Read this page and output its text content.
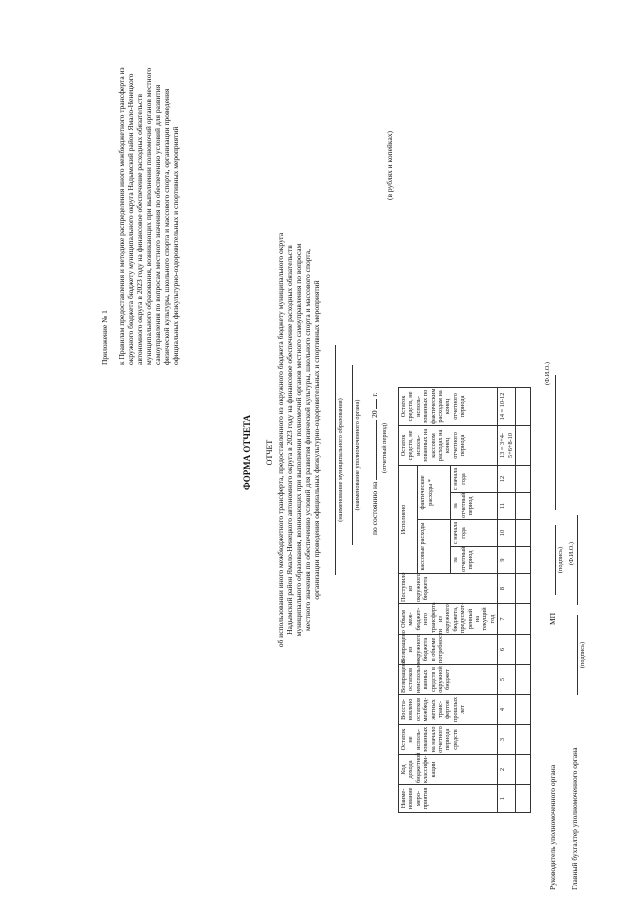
Приложение № 1 к Правилам предоставления и методике распределения иного межбюджетного трансферта из окружного бюджета бюджету муниципального округа Надымский район Ямало-Ненецкого автономного округа в 2023 году на финансовое обеспечение расходных обязательств муниципального образования, возникающих при выполнении полномочий органов местного самоуправления по вопросам местного значения по обеспечению условий для развития физической культуры, школьного спорта и массового спорта, организации проведения официальных физкультурно-оздоровительных и спортивных мероприятий
ФОРМА ОТЧЕТА ОТЧЕТ об использовании иного межбюджетного трансферта, предоставленного из окружного бюджета бюджету муниципального округа Надымский район Ямало-Ненецкого автономного округа в 2023 году на финансовое обеспечение расходных обязательств муниципального образования, возникающих при выполнении полномочий органов местного самоуправления по вопросам местного значения по обеспечению условий для развития физической культуры, школьного спорта и массового спорта, организации проведения официальных физкультурно-оздоровительных и спортивных мероприятий	(наименование муниципального образования) (наименование уполномоченного органа) по состоянию на  20  г.
(отчетный период)
(в рублях и копейках)
Наиме-нование меро-приятия	Код дохода бюджетной классифи-кации	Остаток не исполь-зованных на начало отчетного периода средств	Восста-новлено остатков межбюд-жетных транс-фертов прошлых лет	Возвращено остатков неиспользо-ванных средств в окружной бюджет	Возвращено из окружного бюджета в объеме потребности	Объем меж-бюджет-ного трансферта из окружного бюджета, предусмот-ренный на текущий год	Поступило из окружного бюджета	Исполнено				Остаток средств, не исполь-зованных на кассовом расходах на конец отчетного периода	Остаток средств, не исполь-зованных по фактическим расходам на конец отчетного периода
								кассовые расходы		фактические расходы *			
								за отчетный период	с начала года	за отчетный период	с начала года		
1	2	3	4	5	6	7	8	9	10	11	12	13 = 3+4-5+6+8-10	14 = 10-12

Руководитель уполномоченного органа
(подпись)
(Ф.И.О.)
МП
Главный бухгалтер уполномоченного органа
(подпись)
(Ф.И.О.)
